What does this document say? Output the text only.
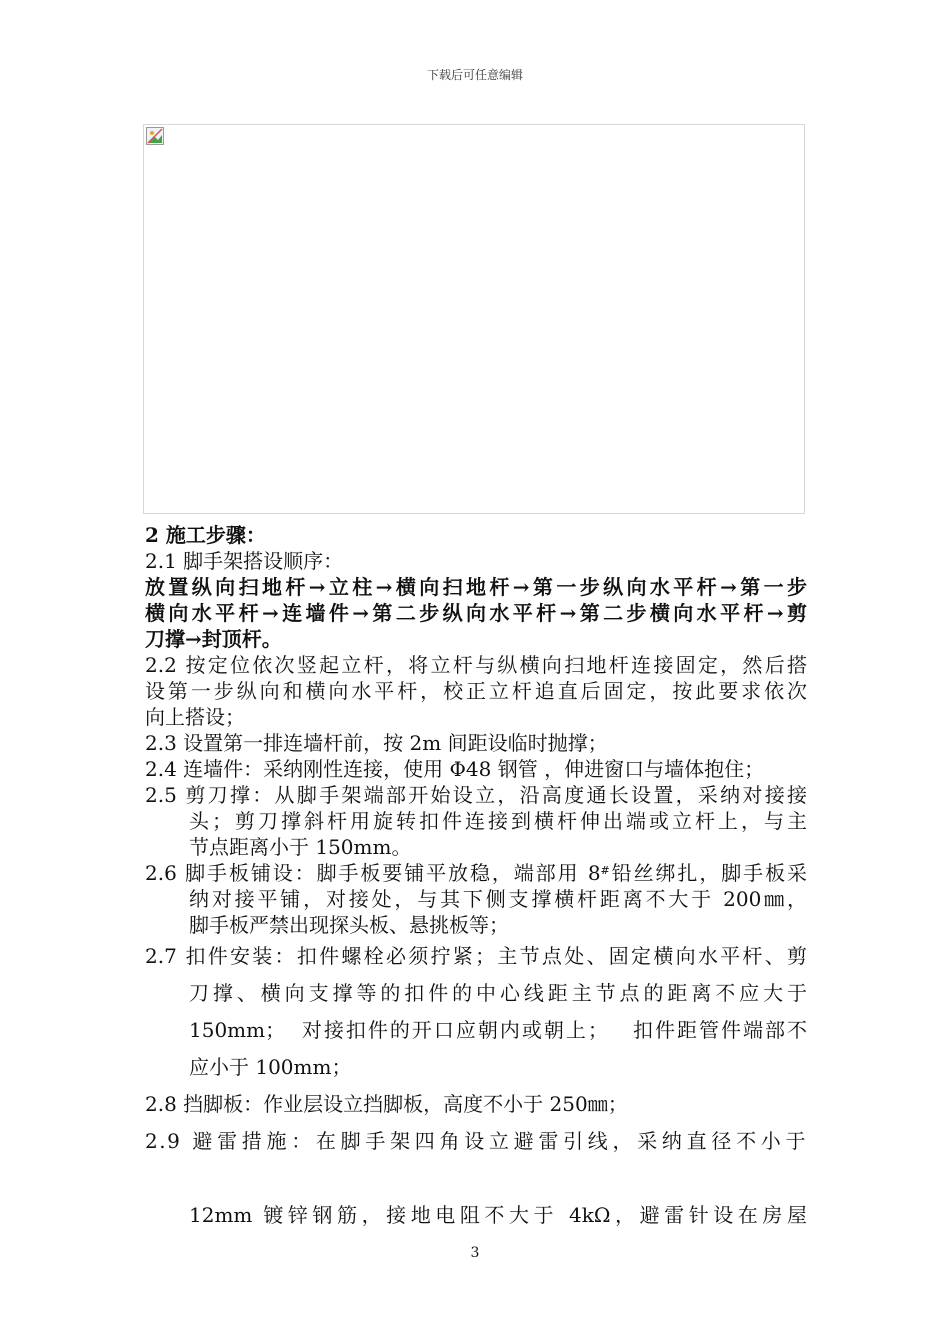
下载后可任意编辑
2 施工步骤：
2.1 脚手架搭设顺序：
放置纵向扫地杆→立柱→横向扫地杆→第一步纵向水平杆→第一步
横向水平杆→连墙件→第二步纵向水平杆→第二步横向水平杆→剪
刀撑→封顶杆。
2.2 按定位依次竖起立杆，将立杆与纵横向扫地杆连接固定，然后搭
设第一步纵向和横向水平杆，校正立杆追直后固定，按此要求依次
向上搭设；
2.3 设置第一排连墙杆前，按 2m 间距设临时抛撑；
2.4 连墙件：采纳刚性连接，使用 Φ48 钢管 ，伸进窗口与墙体抱住；
2.5 剪刀撑：从脚手架端部开始设立，沿高度通长设置，采纳对接接
头；剪刀撑斜杆用旋转扣件连接到横杆伸出端或立杆上，与主
节点距离小于 150mm。
2.6 脚手板铺设：脚手板要铺平放稳，端部用 8#铅丝绑扎，脚手板采
纳对接平铺，对接处，与其下侧支撑横杆距离不大于 200㎜，
脚手板严禁出现探头板、悬挑板等；
2.7 扣件安装：扣件螺栓必须拧紧；主节点处、固定横向水平杆、剪
刀撑、横向支撑等的扣件的中心线距主节点的距离不应大于
150mm；  对接扣件的开口应朝内或朝上；   扣件距管件端部不
应小于 100mm；
2.8 挡脚板：作业层设立挡脚板，高度不小于 250㎜；
2.9 避雷措施：在脚手架四角设立避雷引线，采纳直径不小于
12mm 镀锌钢筋，接地电阻不大于 4kΩ，避雷针设在房屋
3
